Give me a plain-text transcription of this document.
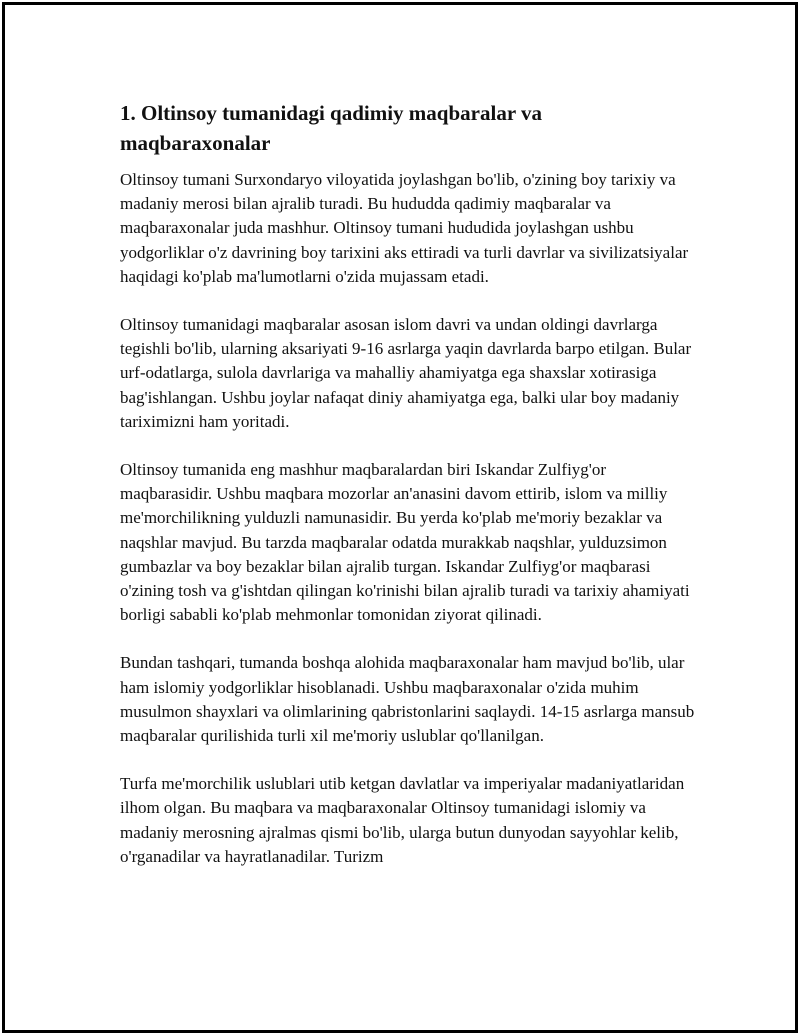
1. Oltinsoy tumanidagi qadimiy maqbaralar va maqbaraxonalar

Oltinsoy tumani Surxondaryo viloyatida joylashgan bo'lib, o'zining boy tarixiy va madaniy merosi bilan ajralib turadi. Bu hududda qadimiy maqbaralar va maqbaraxonalar juda mashhur. Oltinsoy tumani hududida joylashgan ushbu yodgorliklar o'z davrining boy tarixini aks ettiradi va turli davrlar va sivilizatsiyalar haqidagi ko'plab ma'lumotlarni o'zida mujassam etadi.

Oltinsoy tumanidagi maqbaralar asosan islom davri va undan oldingi davrlarga tegishli bo'lib, ularning aksariyati 9-16 asrlarga yaqin davrlarda barpo etilgan. Bular urf-odatlarga, sulola davrlariga va mahalliy ahamiyatga ega shaxslar xotirasiga bag'ishlangan. Ushbu joylar nafaqat diniy ahamiyatga ega, balki ular boy madaniy tariximizni ham yoritadi.

Oltinsoy tumanida eng mashhur maqbaralardan biri Iskandar Zulfiyg'or maqbarasidir. Ushbu maqbara mozorlar an'anasini davom ettirib, islom va milliy me'morchilikning yulduzli namunasidir. Bu yerda ko'plab me'moriy bezaklar va naqshlar mavjud. Bu tarzda maqbaralar odatda murakkab naqshlar, yulduzsimon gumbazlar va boy bezaklar bilan ajralib turgan. Iskandar Zulfiyg'or maqbarasi o'zining tosh va g'ishtdan qilingan ko'rinishi bilan ajralib turadi va tarixiy ahamiyati borligi sababli ko'plab mehmonlar tomonidan ziyorat qilinadi.

Bundan tashqari, tumanda boshqa alohida maqbaraxonalar ham mavjud bo'lib, ular ham islomiy yodgorliklar hisoblanadi. Ushbu maqbaraxonalar o'zida muhim musulmon shayxlari va olimlarining qabristonlarini saqlaydi. 14-15 asrlarga mansub maqbaralar qurilishida turli xil me'moriy uslublar qo'llanilgan.

Turfa me'morchilik uslublari utib ketgan davlatlar va imperiyalar madaniyatlaridan ilhom olgan. Bu maqbara va maqbaraxonalar Oltinsoy tumanidagi islomiy va madaniy merosning ajralmas qismi bo'lib, ularga butun dunyodan sayyohlar kelib, o'rganadilar va hayratlanadilar. Turizm
